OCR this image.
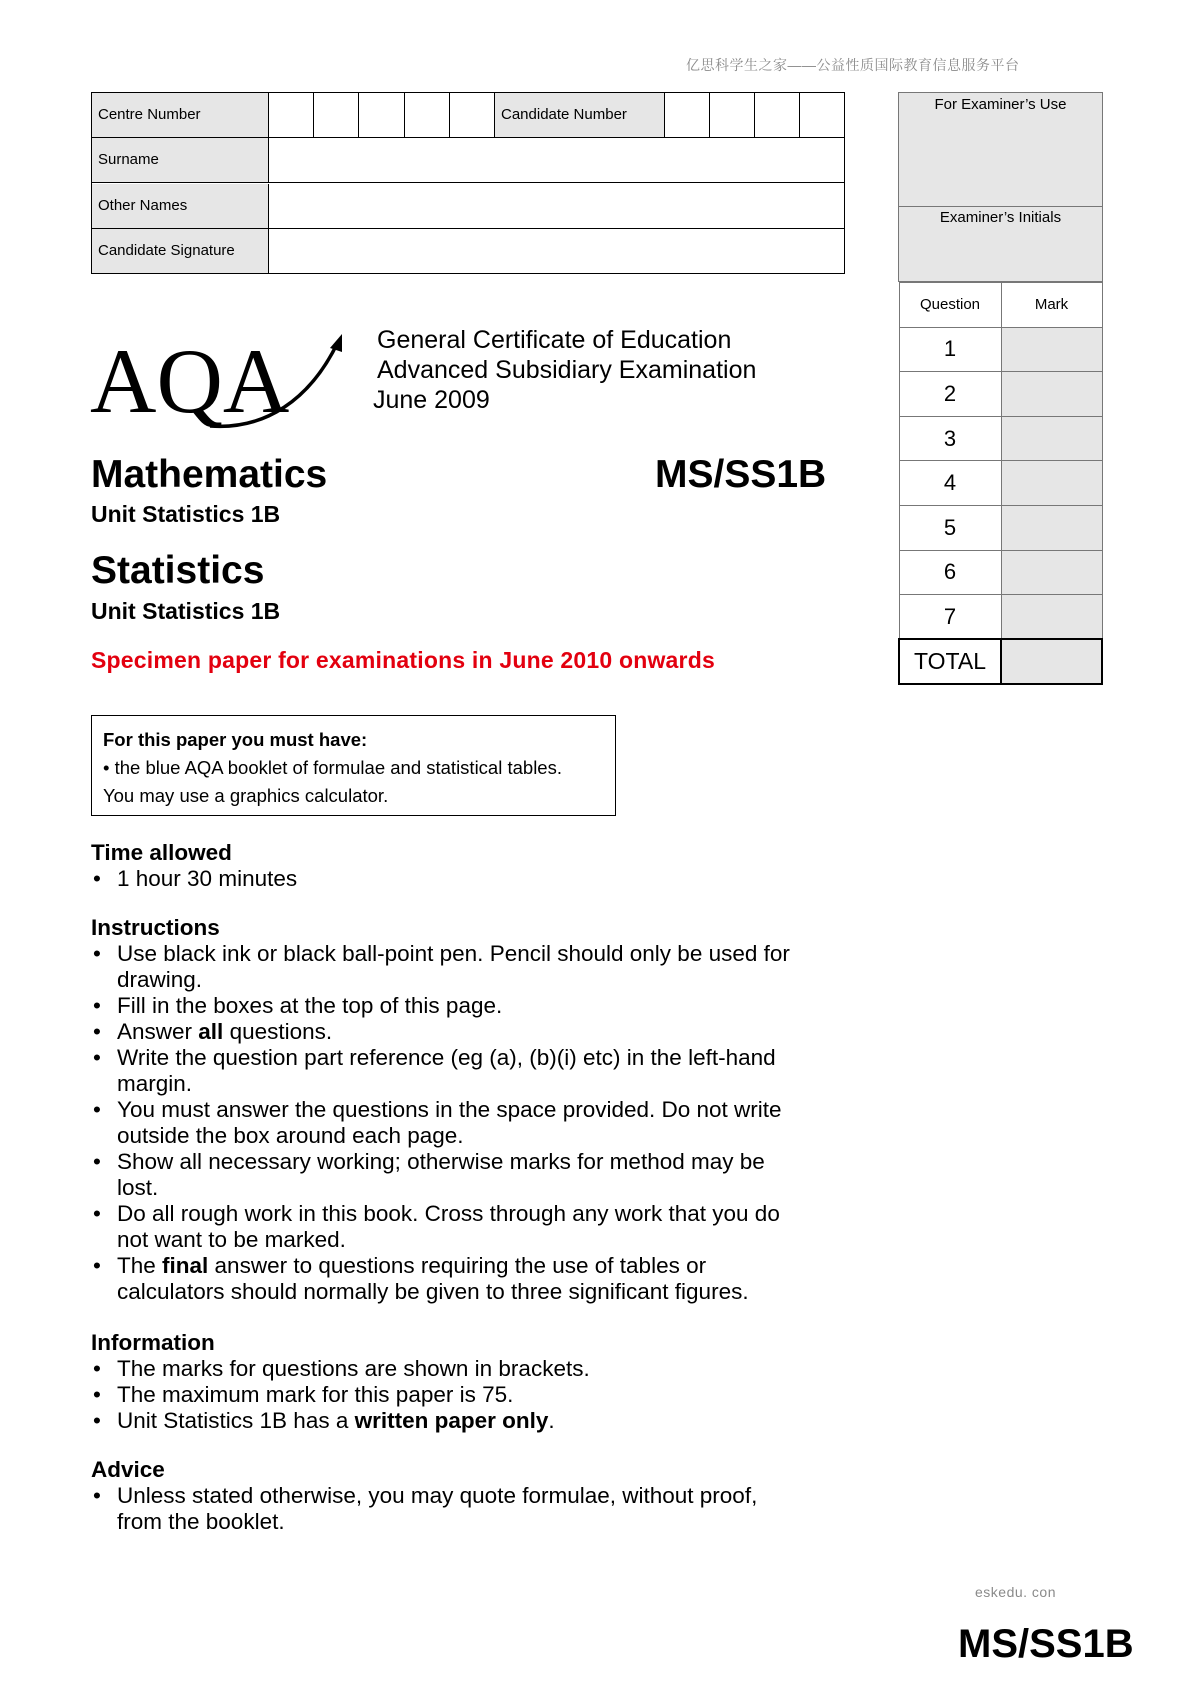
亿思科学生之家——公益性质国际教育信息服务平台
Centre Number	Candidate Number
Surname
Other Names
Candidate Signature
For Examiner’s Use
Examiner’s Initials
Question	Mark
1	
2	
3	
4	
5	
6	
7	
TOTAL	
AQA	General Certificate of Education
Advanced Subsidiary Examination
June 2009
Mathematics	MS/SS1B
Unit Statistics 1B
Statistics
Unit Statistics 1B
Specimen paper for examinations in June 2010 onwards
For this paper you must have:
• the blue AQA booklet of formulae and statistical tables.
You may use a graphics calculator.
Time allowed
• 1 hour 30 minutes
Instructions
• Use black ink or black ball-point pen. Pencil should only be used for
drawing.
• Fill in the boxes at the top of this page.
• Answer all questions.
• Write the question part reference (eg (a), (b)(i) etc) in the left-hand
margin.
• You must answer the questions in the space provided. Do not write
outside the box around each page.
• Show all necessary working; otherwise marks for method may be
lost.
• Do all rough work in this book. Cross through any work that you do
not want to be marked.
• The final answer to questions requiring the use of tables or
calculators should normally be given to three significant figures.
Information
• The marks for questions are shown in brackets.
• The maximum mark for this paper is 75.
• Unit Statistics 1B has a written paper only.
Advice
• Unless stated otherwise, you may quote formulae, without proof,
from the booklet.
eskedu. con
MS/SS1B
